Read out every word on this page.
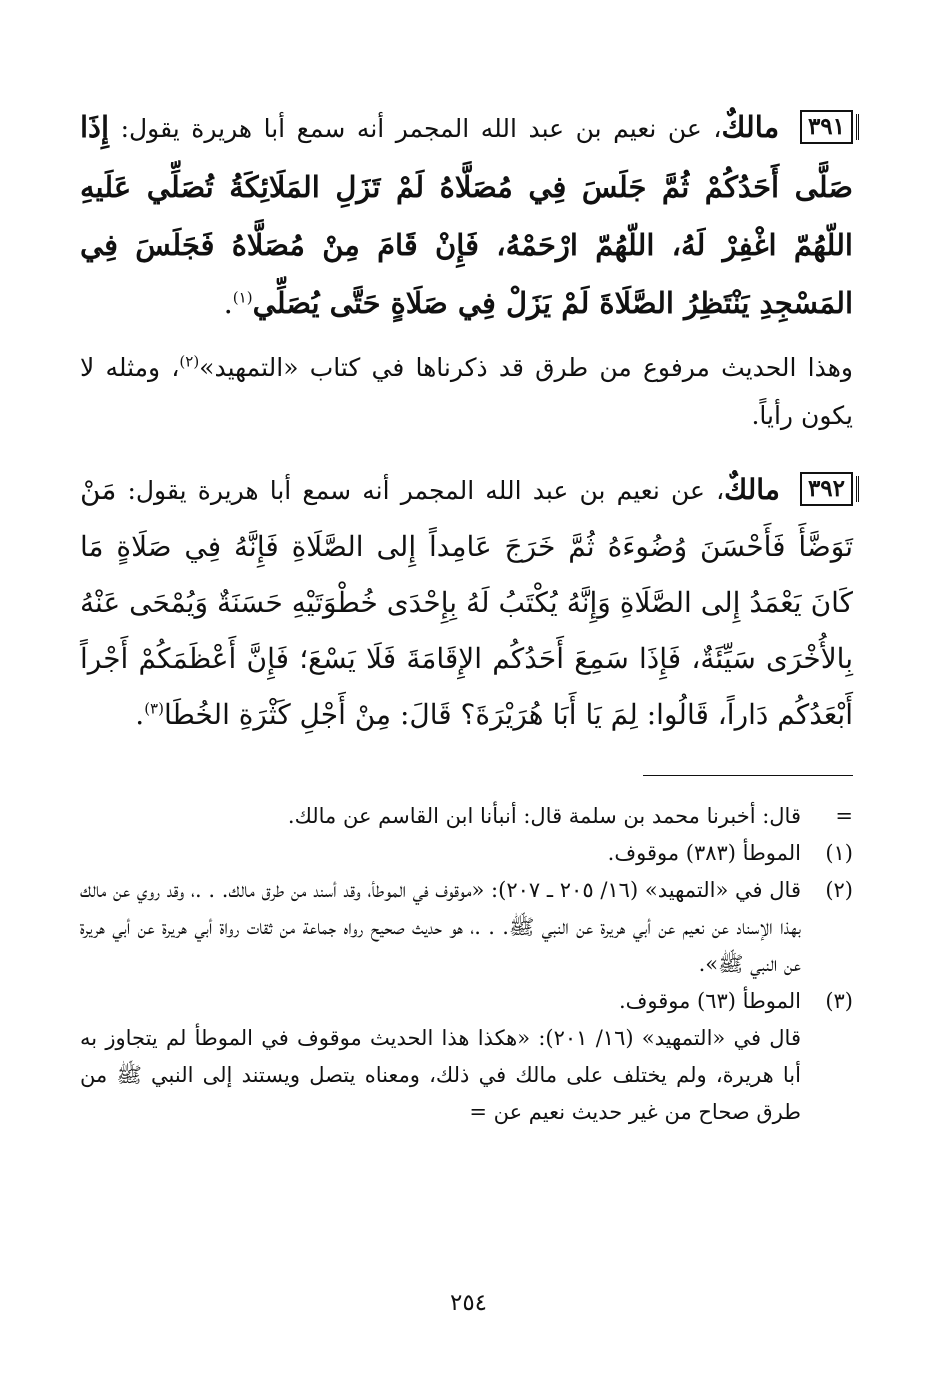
٣٩١ مالكٌ، عن نعيم بن عبد الله المجمر أنه سمع أبا هريرة يقول: إِذَا صَلَّى أَحَدُكُمْ ثُمَّ جَلَسَ فِي مُصَلَّاهُ لَمْ تَزَلِ المَلَائِكَةُ تُصَلِّي عَلَيهِ اللّهُمّ اغْفِرْ لَهُ، اللّهُمّ ارْحَمْهُ، فَإِنْ قَامَ مِنْ مُصَلَّاهُ فَجَلَسَ فِي المَسْجِدِ يَنْتَظِرُ الصَّلَاةَ لَمْ يَزَلْ فِي صَلَاةٍ حَتَّى يُصَلِّي$^{(١)}$.

وهذا الحديث مرفوع من طرق قد ذكرناها في كتاب «التمهيد»$^{(٢)}$، ومثله لا يكون رأياً.

٣٩٢ مالكٌ، عن نعيم بن عبد الله المجمر أنه سمع أبا هريرة يقول: مَنْ تَوَضَّأَ فَأَحْسَنَ وُضُوءَهُ ثُمَّ خَرَجَ عَامِداً إِلى الصَّلَاةِ فَإِنَّهُ فِي صَلَاةٍ مَا كَانَ يَعْمَدُ إِلى الصَّلَاةِ وَإِنَّهُ يُكْتَبُ لَهُ بِإِحْدَى خُطْوَتَيْهِ حَسَنَةٌ وَيُمْحَى عَنْهُ بِالأُخْرَى سَيِّئَةٌ، فَإِذَا سَمِعَ أَحَدُكُم الإِقَامَةَ فَلَا يَسْعَ؛ فَإِنَّ أَعْظَمَكُمْ أَجْراً أَبْعَدُكُم دَاراً، قَالُوا: لِمَ يَا أَبَا هُرَيْرَةَ؟ قَالَ: مِنْ أَجْلِ كَثْرَةِ الخُطَا$^{(٣)}$.

=
قال: أخبرنا محمد بن سلمة قال: أنبأنا ابن القاسم عن مالك.
(١)
الموطأ (٣٨٣) موقوف.
(٢)
قال في «التمهيد» (١٦/ ٢٠٥ ـ ٢٠٧): «موقوف في الموطأ، وقد أسند من طرق مالك. . .، وقد روي عن مالك بهذا الإسناد عن نعيم عن أبي هريرة عن النبي ﷺ. . .، هو حديث صحيح رواه جماعة من ثقات رواة أبي هريرة عن أبي هريرة عن النبي ﷺ».
(٣)
الموطأ (٦٣) موقوف.
قال في «التمهيد» (١٦/ ٢٠١): «هكذا هذا الحديث موقوف في الموطأ لم يتجاوز به أبا هريرة، ولم يختلف على مالك في ذلك، ومعناه يتصل ويستند إلى النبي ﷺ من طرق صحاح من غير حديث نعيم عن =
٢٥٤
